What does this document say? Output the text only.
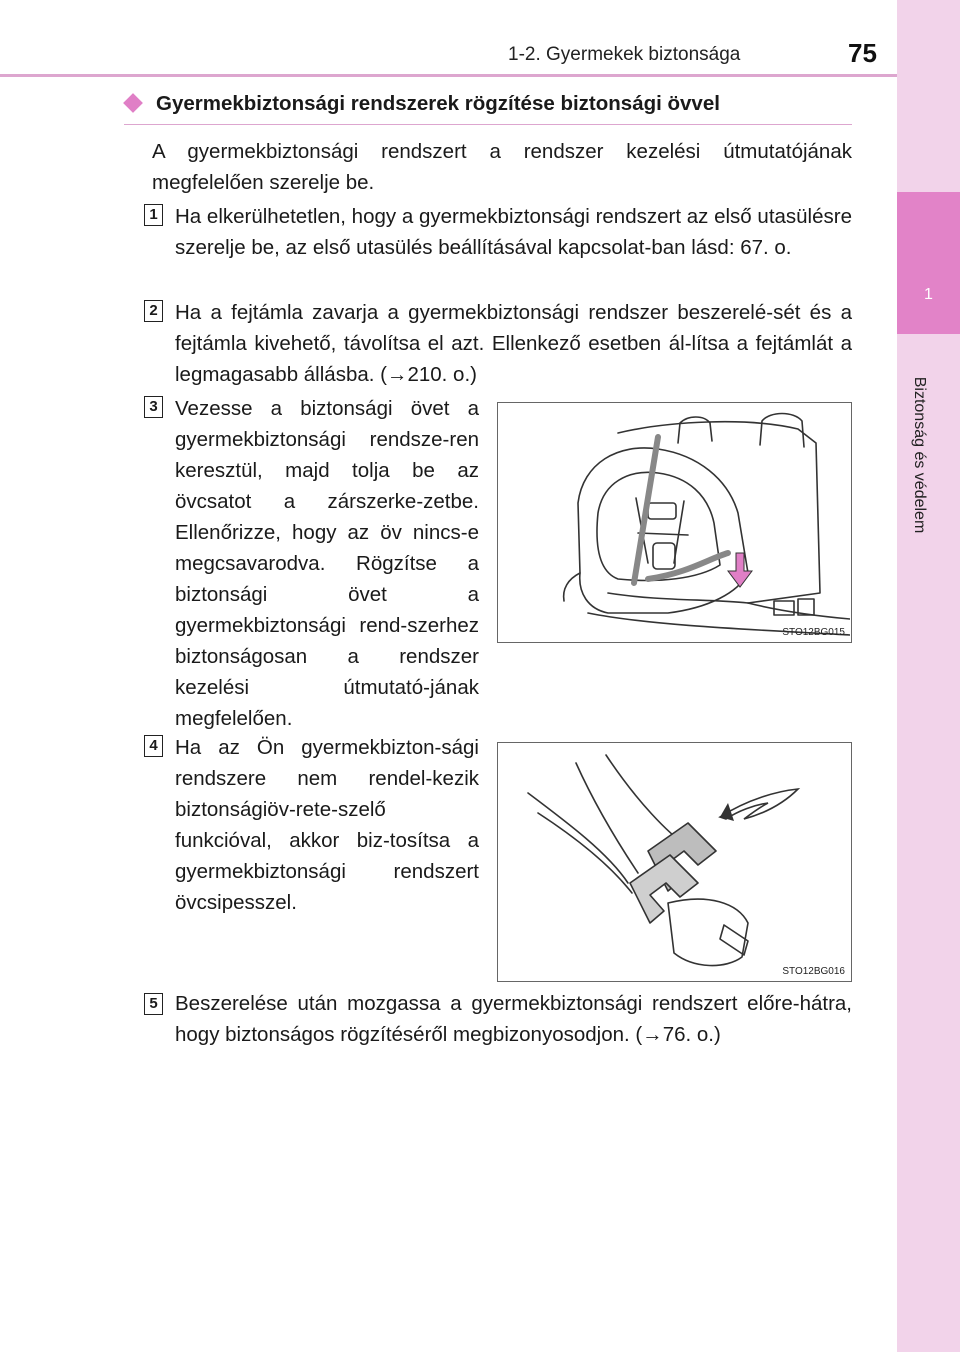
1
Biztonság és védelem
1-2. Gyermekek biztonsága	75
Gyermekbiztonsági rendszerek rögzítése biztonsági övvel
A gyermekbiztonsági rendszert a rendszer kezelési útmutatójának megfelelően szerelje be.
1 Ha elkerülhetetlen, hogy a gyermekbiztonsági rendszert az első utasülésre szerelje be, az első utasülés beállításával kapcsolat-ban lásd: 67. o.
2 Ha a fejtámla zavarja a gyermekbiztonsági rendszer beszerelé-sét és a fejtámla kivehető, távolítsa el azt. Ellenkező esetben ál-lítsa a fejtámlát a legmagasabb állásba. (→210. o.)
3 Vezesse a biztonsági övet a gyermekbiztonsági rendsze-ren keresztül, majd tolja be az övcsatot a zárszerke-zetbe. Ellenőrizze, hogy az öv nincs-e megcsavarodva. Rögzítse a biztonsági övet a gyermekbiztonsági rend-szerhez biztonságosan a rendszer kezelési útmutató-jának megfelelően.
STO12BG015
4 Ha az Ön gyermekbizton-sági rendszere nem rendel-kezik biztonságiöv-rete-szelő funkcióval, akkor biz-tosítsa a gyermekbiztonsági rendszert övcsipesszel.
STO12BG016
5 Beszerelése után mozgassa a gyermekbiztonsági rendszert előre-hátra, hogy biztonságos rögzítéséről megbizonyosodjon. (→76. o.)
